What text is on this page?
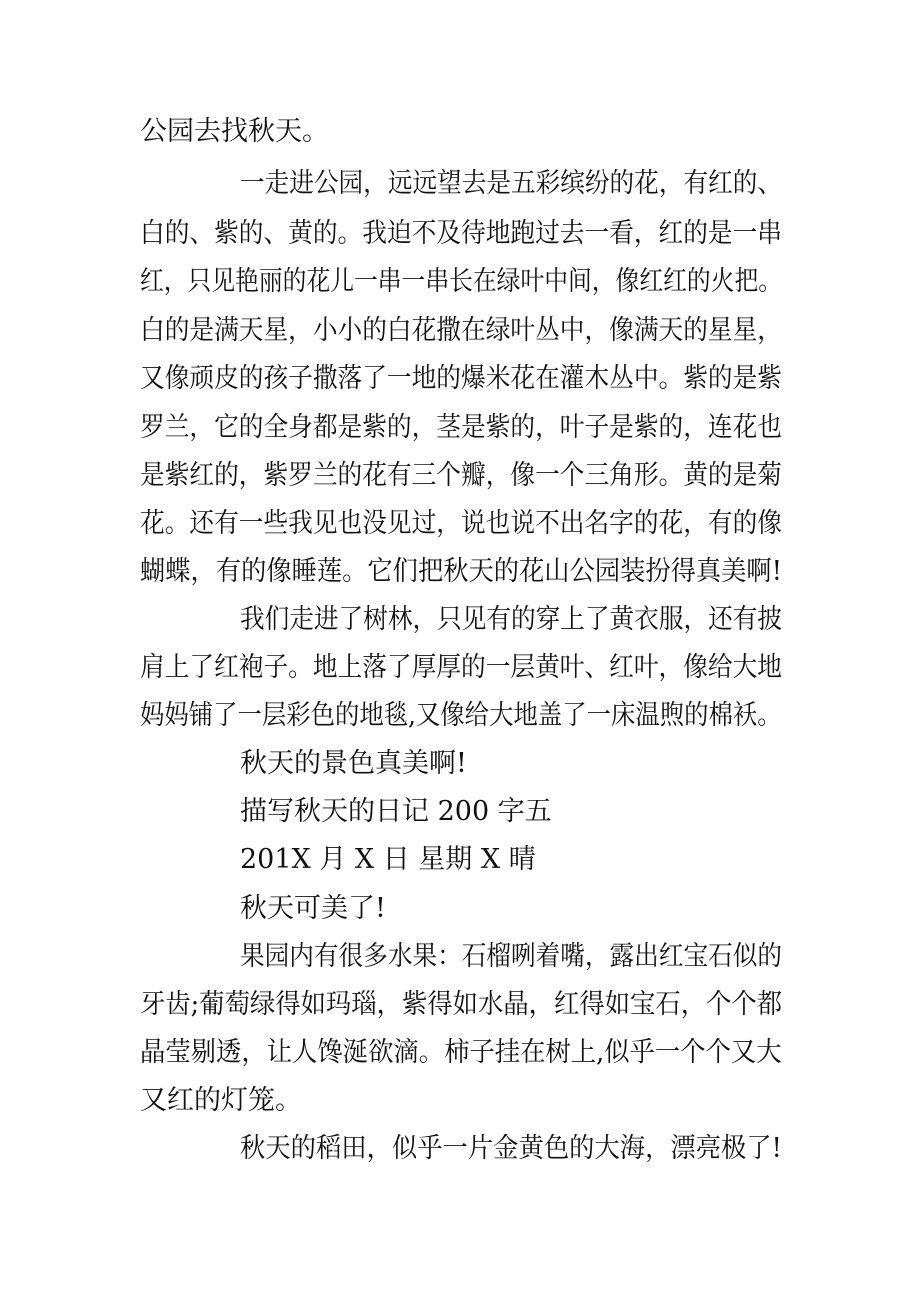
公园去找秋天。
一走进公园，远远望去是五彩缤纷的花，有红的、
白的、紫的、黄的。我迫不及待地跑过去一看，红的是一串
红，只见艳丽的花儿一串一串长在绿叶中间，像红红的火把。
白的是满天星，小小的白花撒在绿叶丛中，像满天的星星，
又像顽皮的孩子撒落了一地的爆米花在灌木丛中。紫的是紫
罗兰，它的全身都是紫的，茎是紫的，叶子是紫的，连花也
是紫红的，紫罗兰的花有三个瓣，像一个三角形。黄的是菊
花。还有一些我见也没见过，说也说不出名字的花，有的像
蝴蝶，有的像睡莲。它们把秋天的花山公园装扮得真美啊!
我们走进了树林，只见有的穿上了黄衣服，还有披
肩上了红袍子。地上落了厚厚的一层黄叶、红叶，像给大地
妈妈铺了一层彩色的地毯,又像给大地盖了一床温煦的棉袄。
秋天的景色真美啊!
描写秋天的日记 200 字五
201X 月 X 日 星期 X 晴
秋天可美了!
果园内有很多水果：石榴咧着嘴，露出红宝石似的
牙齿;葡萄绿得如玛瑙，紫得如水晶，红得如宝石，个个都
晶莹剔透，让人馋涎欲滴。柿子挂在树上,似乎一个个又大
又红的灯笼。
秋天的稻田，似乎一片金黄色的大海，漂亮极了!
